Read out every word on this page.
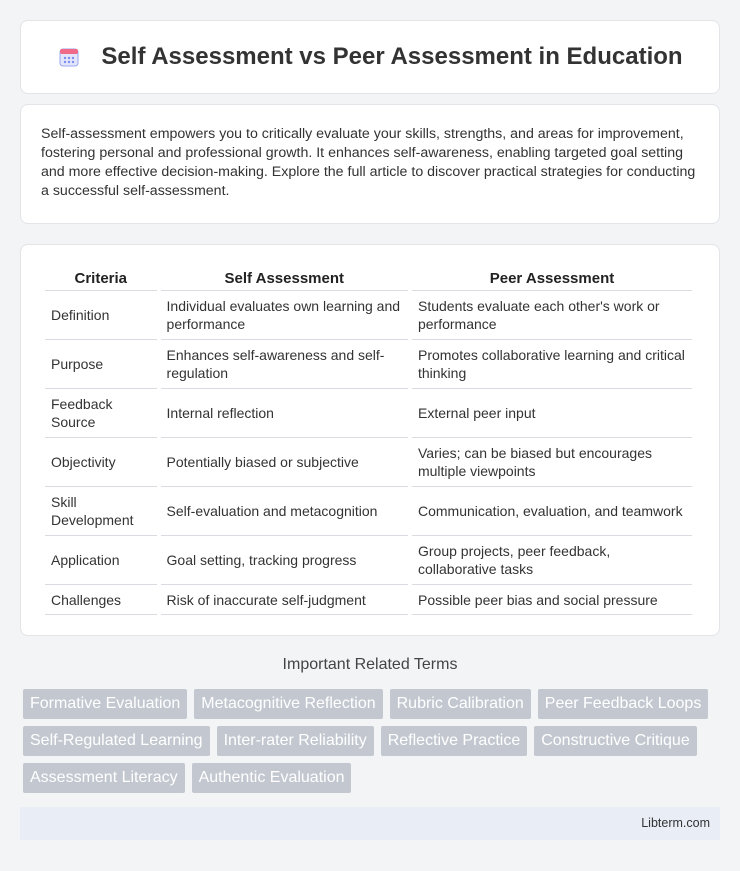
Self Assessment vs Peer Assessment in Education

Self-assessment empowers you to critically evaluate your skills, strengths, and areas for improvement, fostering personal and professional growth. It enhances self-awareness, enabling targeted goal setting and more effective decision-making. Explore the full article to discover practical strategies for conducting a successful self-assessment.

Criteria	Self Assessment	Peer Assessment
Definition	Individual evaluates own learning and performance	Students evaluate each other's work or performance
Purpose	Enhances self-awareness and self-regulation	Promotes collaborative learning and critical thinking
Feedback Source	Internal reflection	External peer input
Objectivity	Potentially biased or subjective	Varies; can be biased but encourages multiple viewpoints
Skill Development	Self-evaluation and metacognition	Communication, evaluation, and teamwork
Application	Goal setting, tracking progress	Group projects, peer feedback, collaborative tasks
Challenges	Risk of inaccurate self-judgment	Possible peer bias and social pressure
Important Related Terms
Formative Evaluation	Metacognitive Reflection	Rubric Calibration	Peer Feedback Loops
Self-Regulated Learning	Inter-rater Reliability	Reflective Practice	Constructive Critique
Assessment Literacy	Authentic Evaluation
Libterm.com
